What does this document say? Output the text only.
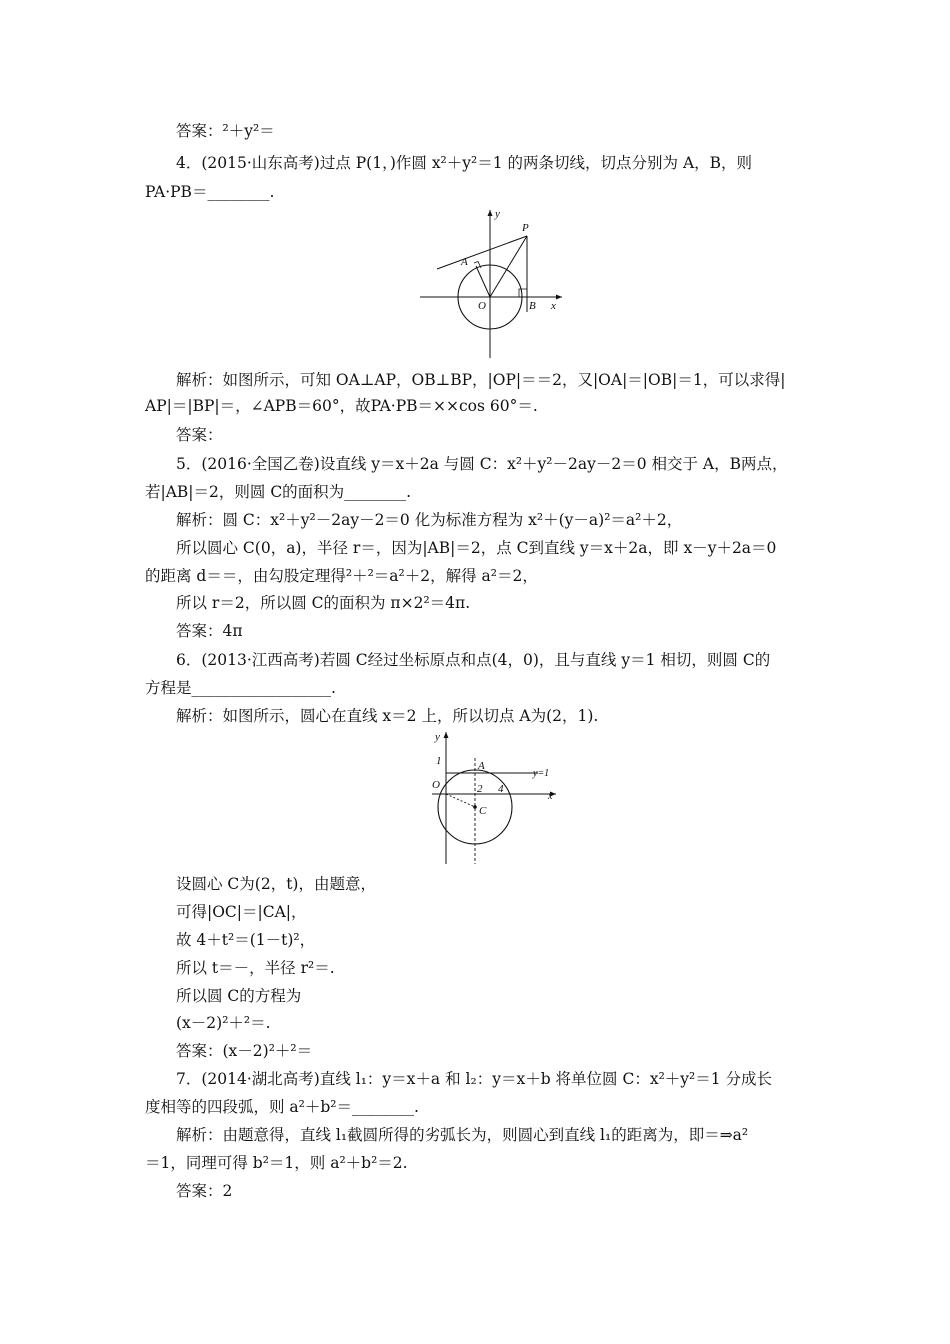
答案：²＋y²＝
4．(2015·山东高考)过点 P(1，)作圆 x²＋y²＝1 的两条切线，切点分别为 A，B，则
PA·PB＝________.
y
P
A
O	B x
解析：如图所示，可知 OA⊥AP，OB⊥BP，|OP|＝＝2，又|OA|＝|OB|＝1，可以求得|
AP|＝|BP|＝，∠APB＝60°，故PA·PB＝××cos 60°＝.
答案：
5．(2016·全国乙卷)设直线 y＝x＋2a 与圆 C：x²＋y²－2ay－2＝0 相交于 A，B两点，
若|AB|＝2，则圆 C的面积为________.
解析：圆 C：x²＋y²－2ay－2＝0 化为标准方程为 x²＋(y－a)²＝a²＋2，
所以圆心 C(0，a)，半径 r＝，因为|AB|＝2，点 C到直线 y＝x＋2a，即 x－y＋2a＝0
的距离 d＝＝，由勾股定理得²＋²＝a²＋2，解得 a²＝2，
所以 r＝2，所以圆 C的面积为 π×2²＝4π.
答案：4π
6．(2013·江西高考)若圆 C经过坐标原点和点(4，0)，且与直线 y＝1 相切，则圆 C的
方程是__________________.
解析：如图所示，圆心在直线 x＝2 上，所以切点 A为(2，1).
y
1
O
A
y=1
2 4
C
x
设圆心 C为(2，t)，由题意，
可得|OC|＝|CA|，
故 4＋t²＝(1－t)²，
所以 t＝－，半径 r²＝.
所以圆 C的方程为
(x－2)²＋²＝.
答案：(x－2)²＋²＝
7．(2014·湖北高考)直线 l₁：y＝x＋a 和 l₂：y＝x＋b 将单位圆 C：x²＋y²＝1 分成长
度相等的四段弧，则 a²＋b²＝________.
解析：由题意得，直线 l₁截圆所得的劣弧长为，则圆心到直线 l₁的距离为，即＝⇒a²
＝1，同理可得 b²＝1，则 a²＋b²＝2.
答案：2
